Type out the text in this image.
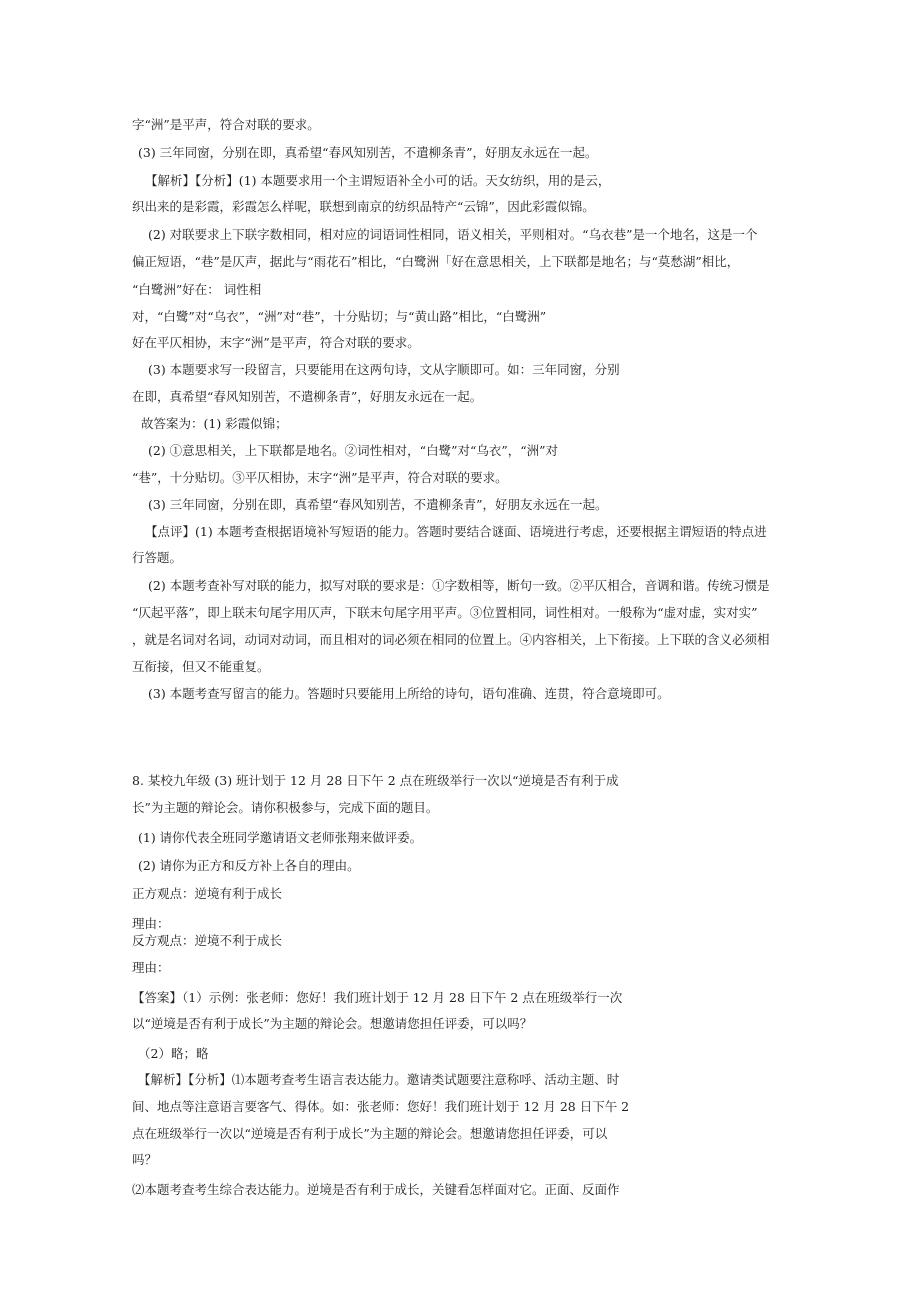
字“洲”是平声，符合对联的要求。

(3) 三年同窗，分别在即，真希望“春风知别苦，不遣柳条青”，好朋友永远在一起。

【解析】【分析】(1) 本题要求用一个主谓短语补全小可的话。天女纺织，用的是云，

织出来的是彩霞，彩霞怎么样呢，联想到南京的纺织品特产“云锦”，因此彩霞似锦。

(2) 对联要求上下联字数相同，相对应的词语词性相同，语义相关，平则相对。“乌衣巷”是一个地名，这是一个

偏正短语，“巷”是仄声，据此与“雨花石”相比，“白鹭洲「好在意思相关，上下联都是地名；与“莫愁湖”相比，

“白鹭洲”好在： 词性相

对，“白鹭”对“乌衣”，“洲”对“巷”，十分贴切；与“黄山路”相比，“白鹭洲”

好在平仄相协，末字“洲”是平声，符合对联的要求。

(3) 本题要求写一段留言，只要能用在这两句诗，文从字顺即可。如：三年同窗，分别

在即，真希望“春风知别苦，不遣柳条青”，好朋友永远在一起。

故答案为：(1) 彩霞似锦；

(2) ①意思相关，上下联都是地名。②词性相对，“白鹭”对“乌衣”，“洲”对

“巷”，十分贴切。③平仄相协，末字“洲”是平声，符合对联的要求。

(3) 三年同窗，分别在即，真希望“春风知别苦，不遣柳条青”，好朋友永远在一起。

【点评】(1) 本题考查根据语境补写短语的能力。答题时要结合谜面、语境进行考虑，还要根据主谓短语的特点进

行答题。

(2) 本题考查补写对联的能力，拟写对联的要求是：①字数相等，断句一致。②平仄相合，音调和谐。传统习惯是

“仄起平落”，即上联末句尾字用仄声，下联末句尾字用平声。③位置相同，词性相对。一般称为“虚对虚，实对实”

，就是名词对名词，动词对动词，而且相对的词必须在相同的位置上。④内容相关，上下衔接。上下联的含义必须相

互衔接，但又不能重复。

(3) 本题考查写留言的能力。答题时只要能用上所给的诗句，语句准确、连贯，符合意境即可。

8. 某校九年级 (3) 班计划于 12 月 28 日下午 2 点在班级举行一次以“逆境是否有利于成

长”为主题的辩论会。请你积极参与，完成下面的题目。

(1) 请你代表全班同学邀请语文老师张翔来做评委。

(2) 请你为正方和反方补上各自的理由。

正方观点：逆境有利于成长

理由：

反方观点：逆境不利于成长

理由：

【答案】（1）示例：张老师：您好！我们班计划于 12 月 28 日下午 2 点在班级举行一次

以“逆境是否有利于成长”为主题的辩论会。想邀请您担任评委，可以吗？

（2）略；略

【解析】【分析】⑴本题考查考生语言表达能力。邀请类试题要注意称呼、活动主题、时

间、地点等注意语言要客气、得体。如：张老师：您好！我们班计划于 12 月 28 日下午 2

点在班级举行一次以“逆境是否有利于成长”为主题的辩论会。想邀请您担任评委，可以

吗？

⑵本题考查考生综合表达能力。逆境是否有利于成长，关键看怎样面对它。正面、反面作
